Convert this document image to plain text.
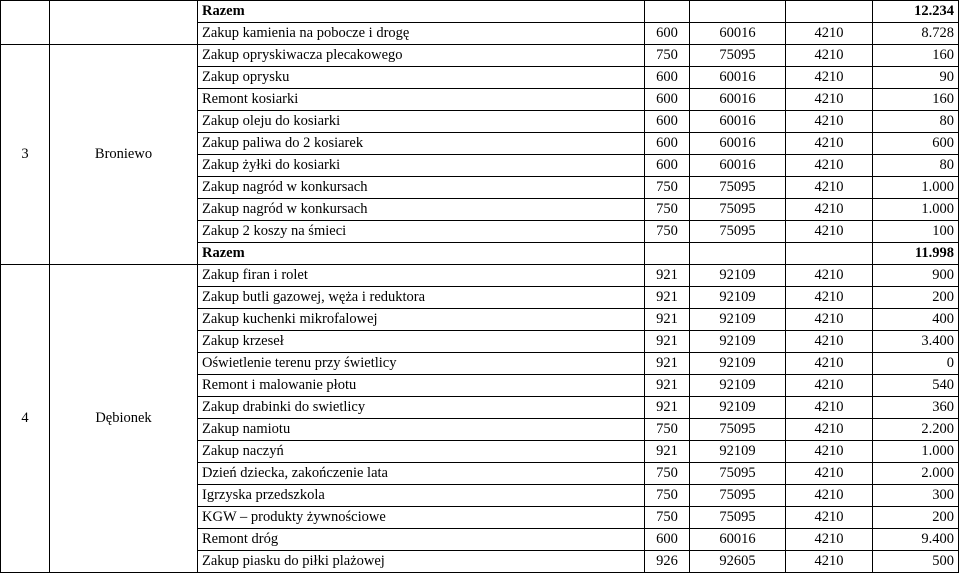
		Razem				12.234
		Zakup kamienia na pobocze i drogę	600	60016	4210	8.728
3	Broniewo	Zakup opryskiwacza plecakowego	750	75095	4210	160
		Zakup oprysku	600	60016	4210	90
		Remont kosiarki	600	60016	4210	160
		Zakup oleju do kosiarki	600	60016	4210	80
		Zakup paliwa do 2 kosiarek	600	60016	4210	600
		Zakup żyłki do kosiarki	600	60016	4210	80
		Zakup nagród w konkursach	750	75095	4210	1.000
		Zakup nagród w konkursach	750	75095	4210	1.000
		Zakup 2 koszy na śmieci	750	75095	4210	100
		Razem				11.998
4	Dębionek	Zakup firan i rolet	921	92109	4210	900
		Zakup butli gazowej, węża i reduktora	921	92109	4210	200
		Zakup kuchenki mikrofalowej	921	92109	4210	400
		Zakup krzeseł	921	92109	4210	3.400
		Oświetlenie terenu przy świetlicy	921	92109	4210	0
		Remont i malowanie płotu	921	92109	4210	540
		Zakup drabinki do swietlicy	921	92109	4210	360
		Zakup namiotu	750	75095	4210	2.200
		Zakup naczyń	921	92109	4210	1.000
		Dzień dziecka, zakończenie lata	750	75095	4210	2.000
		Igrzyska przedszkola	750	75095	4210	300
		KGW – produkty żywnościowe	750	75095	4210	200
		Remont dróg	600	60016	4210	9.400
		Zakup piasku do piłki plażowej	926	92605	4210	500
